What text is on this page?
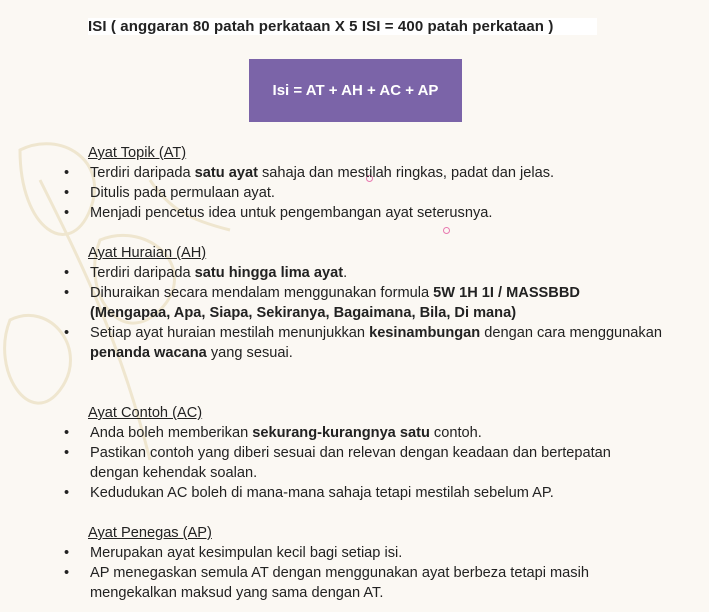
ISI ( anggaran 80 patah perkataan X 5 ISI = 400 patah perkataan )
Isi = AT + AH + AC + AP
Ayat Topik (AT)
• Terdiri daripada satu ayat sahaja dan mestilah ringkas, padat dan jelas.
• Ditulis pada permulaan ayat.
• Menjadi pencetus idea untuk pengembangan ayat seterusnya.
Ayat Huraian (AH)
• Terdiri daripada satu hingga lima ayat.
• Dihuraikan secara mendalam menggunakan formula 5W 1H 1I / MASSBBD (Mengapaa, Apa, Siapa, Sekiranya, Bagaimana, Bila, Di mana)
• Setiap ayat huraian mestilah menunjukkan kesinambungan dengan cara menggunakan penanda wacana yang sesuai.
Ayat Contoh (AC)
• Anda boleh memberikan sekurang-kurangnya satu contoh.
• Pastikan contoh yang diberi sesuai dan relevan dengan keadaan dan bertepatan dengan kehendak soalan.
• Kedudukan AC boleh di mana-mana sahaja tetapi mestilah sebelum AP.
Ayat Penegas (AP)
• Merupakan ayat kesimpulan kecil bagi setiap isi.
• AP menegaskan semula AT dengan menggunakan ayat berbeza tetapi masih mengekalkan maksud yang sama dengan AT.
